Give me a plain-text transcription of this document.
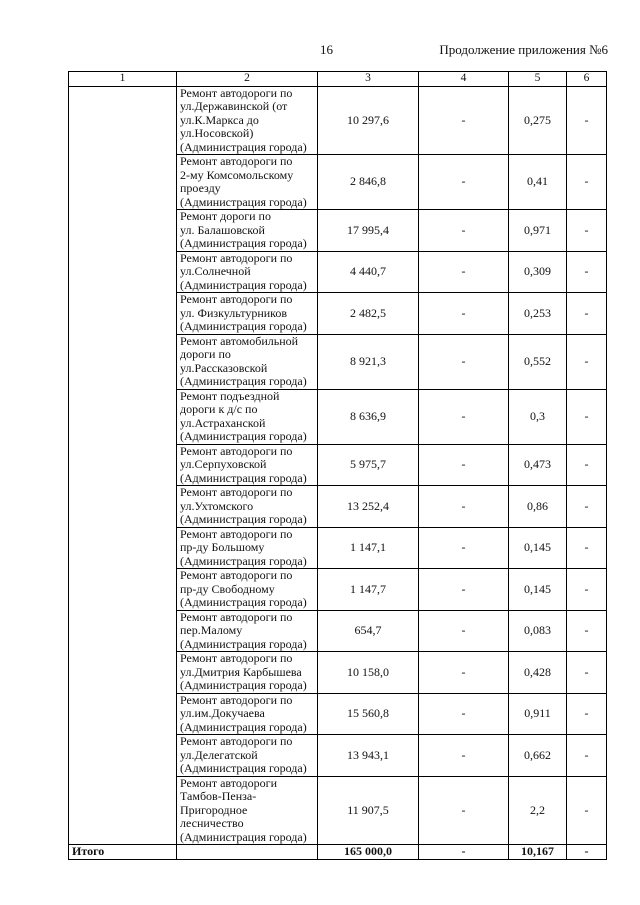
16	Продолжение приложения №6
1	2	3	4	5	6

	Ремонт автодороги по
ул.Державинской (от
ул.К.Маркса до
ул.Носовской)
(Администрация города)	10 297,6	-	0,275	-

	Ремонт автодороги по
2-му Комсомольскому
проезду
(Администрация города)	2 846,8	-	0,41	-

	Ремонт дороги по
ул. Балашовской
(Администрация города)	17 995,4	-	0,971	-

	Ремонт автодороги по
ул.Солнечной
(Администрация города)	4 440,7	-	0,309	-

	Ремонт автодороги по
ул. Физкультурников
(Администрация города)	2 482,5	-	0,253	-

	Ремонт автомобильной
дороги по
ул.Рассказовской
(Администрация города)	8 921,3	-	0,552	-

	Ремонт подъездной
дороги к д/с по
ул.Астраханской
(Администрация города)	8 636,9	-	0,3	-

	Ремонт автодороги по
ул.Серпуховской
(Администрация города)	5 975,7	-	0,473	-

	Ремонт автодороги по
ул.Ухтомского
(Администрация города)	13 252,4	-	0,86	-

	Ремонт автодороги по
пр-ду Большому
(Администрация города)	1 147,1	-	0,145	-

	Ремонт автодороги по
пр-ду Свободному
(Администрация города)	1 147,7	-	0,145	-

	Ремонт автодороги по
пер.Малому
(Администрация города)	654,7	-	0,083	-

	Ремонт автодороги по
ул.Дмитрия Карбышева
(Администрация города)	10 158,0	-	0,428	-

	Ремонт автодороги по
ул.им.Докучаева
(Администрация города)	15 560,8	-	0,911	-

	Ремонт автодороги по
ул.Делегатской
(Администрация города)	13 943,1	-	0,662	-

	Ремонт автодороги
Тамбов-Пенза-
Пригородное
лесничество
(Администрация города)	11 907,5	-	2,2	-
Итого		165 000,0	-	10,167	-
